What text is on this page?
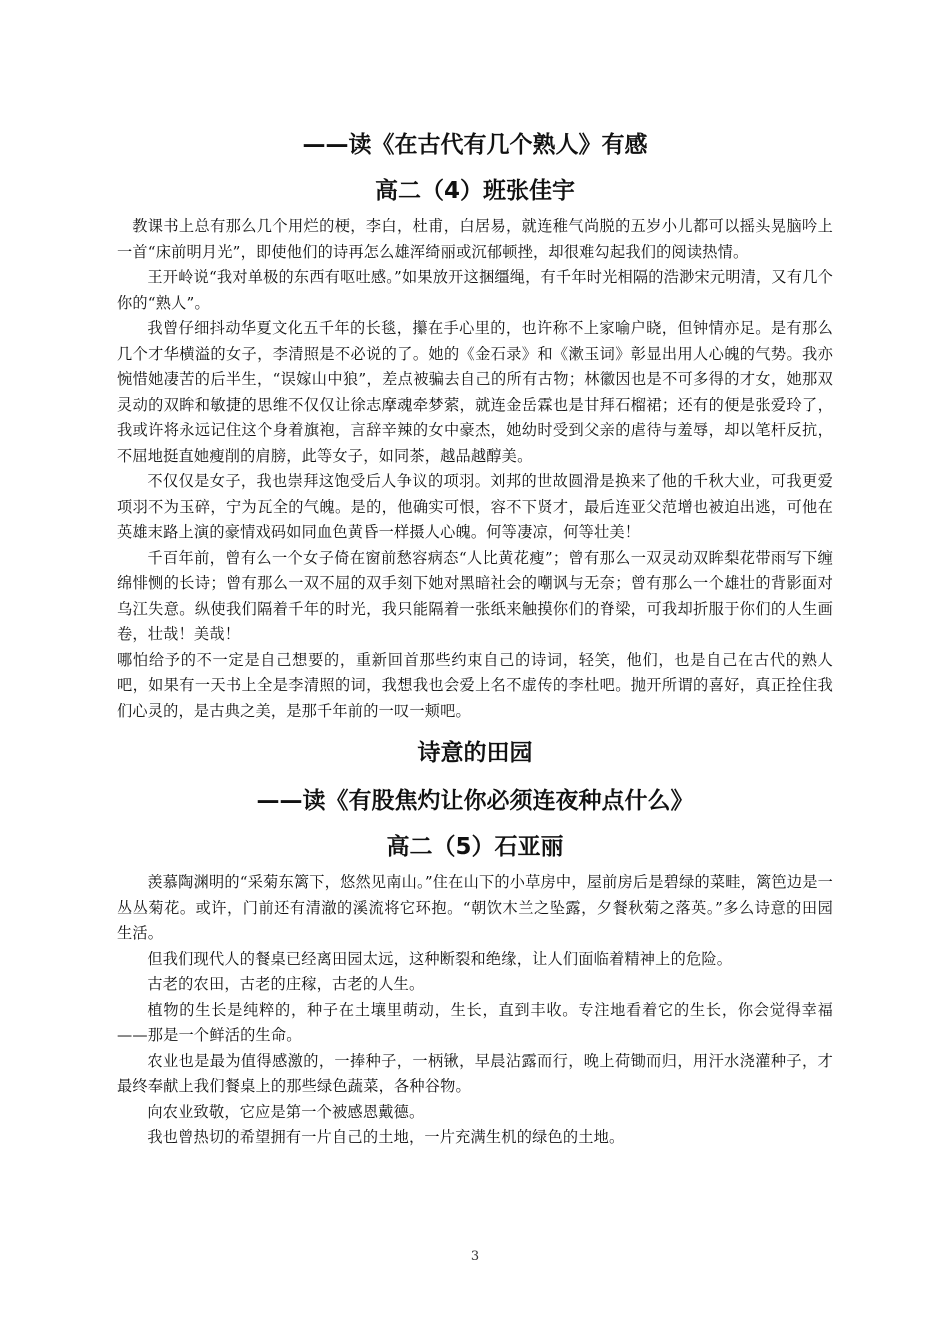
——读《在古代有几个熟人》有感
高二（4）班张佳宇

教课书上总有那么几个用烂的梗，李白，杜甫，白居易，就连稚气尚脱的五岁小儿都可以摇头晃脑吟上一首“床前明月光”，即使他们的诗再怎么雄浑绮丽或沉郁顿挫，却很难勾起我们的阅读热情。

王开岭说“我对单极的东西有呕吐感。”如果放开这捆缰绳，有千年时光相隔的浩渺宋元明清，又有几个你的“熟人”。

我曾仔细抖动华夏文化五千年的长毯，攥在手心里的，也许称不上家喻户晓，但钟情亦足。是有那么几个才华横溢的女子，李清照是不必说的了。她的《金石录》和《漱玉词》彰显出用人心魄的气势。我亦惋惜她凄苦的后半生，“误嫁山中狼”，差点被骗去自己的所有古物；林徽因也是不可多得的才女，她那双灵动的双眸和敏捷的思维不仅仅让徐志摩魂牵梦萦，就连金岳霖也是甘拜石榴裙；还有的便是张爱玲了，我或许将永远记住这个身着旗袍，言辞辛辣的女中豪杰，她幼时受到父亲的虐待与羞辱，却以笔杆反抗，不屈地挺直她瘦削的肩膀，此等女子，如同茶，越品越醇美。

不仅仅是女子，我也崇拜这饱受后人争议的项羽。刘邦的世故圆滑是换来了他的千秋大业，可我更爱项羽不为玉碎，宁为瓦全的气魄。是的，他确实可恨，容不下贤才，最后连亚父范增也被迫出逃，可他在英雄末路上演的豪情戏码如同血色黄昏一样摄人心魄。何等凄凉，何等壮美！

千百年前，曾有么一个女子倚在窗前愁容病态“人比黄花瘦”；曾有那么一双灵动双眸梨花带雨写下缠绵悱恻的长诗；曾有那么一双不屈的双手刻下她对黑暗社会的嘲讽与无奈；曾有那么一个雄壮的背影面对乌江失意。纵使我们隔着千年的时光，我只能隔着一张纸来触摸你们的脊梁，可我却折服于你们的人生画卷，壮哉！美哉！

哪怕给予的不一定是自己想要的，重新回首那些约束自己的诗词，轻笑，他们，也是自己在古代的熟人吧，如果有一天书上全是李清照的词，我想我也会爱上名不虚传的李杜吧。抛开所谓的喜好，真正拴住我们心灵的，是古典之美，是那千年前的一叹一颊吧。

诗意的田园
——读《有股焦灼让你必须连夜种点什么》
高二（5）石亚丽

羡慕陶渊明的“采菊东篱下，悠然见南山。”住在山下的小草房中，屋前房后是碧绿的菜畦，篱笆边是一丛丛菊花。或许，门前还有清澈的溪流将它环抱。“朝饮木兰之坠露，夕餐秋菊之落英。”多么诗意的田园生活。

但我们现代人的餐桌已经离田园太远，这种断裂和绝缘，让人们面临着精神上的危险。

古老的农田，古老的庄稼，古老的人生。

植物的生长是纯粹的，种子在土壤里萌动，生长，直到丰收。专注地看着它的生长，你会觉得幸福——那是一个鲜活的生命。

农业也是最为值得感激的，一捧种子，一柄锹，早晨沾露而行，晚上荷锄而归，用汗水浇灌种子，才最终奉献上我们餐桌上的那些绿色蔬菜，各种谷物。

向农业致敬，它应是第一个被感恩戴德。

我也曾热切的希望拥有一片自己的土地，一片充满生机的绿色的土地。

3
